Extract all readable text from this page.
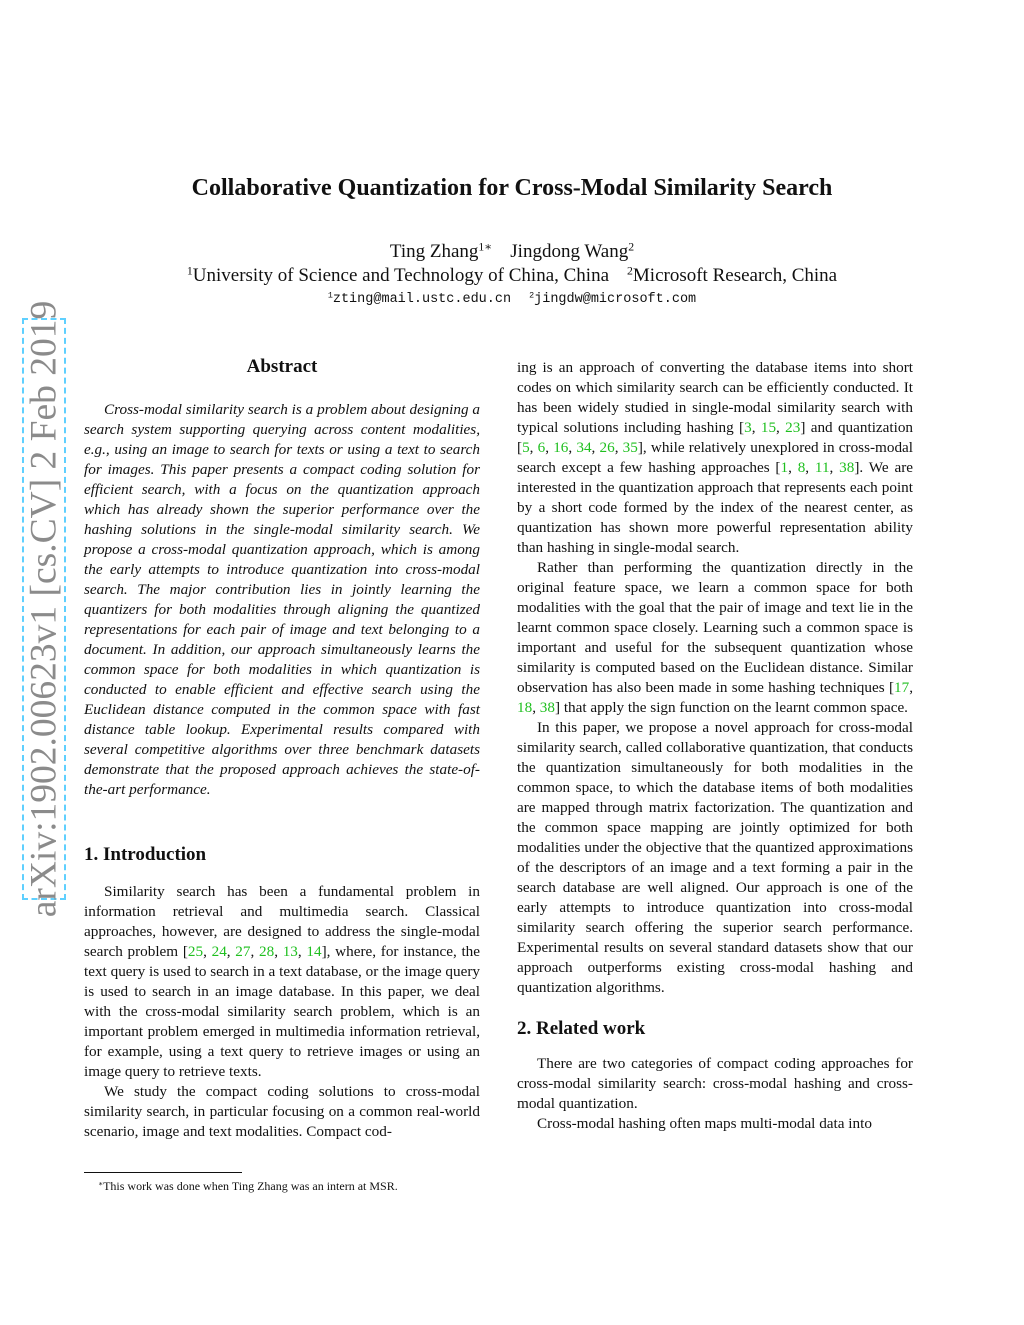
arXiv:1902.00623v1 [cs.CV] 2 Feb 2019
Collaborative Quantization for Cross-Modal Similarity Search
Ting Zhang$^{1∗}$ Jingdong Wang$^2$
$^1$University of Science and Technology of China, China $^2$Microsoft Research, China
$^1$zting@mail.ustc.edu.cn $^2$jingdw@microsoft.com
Abstract

Cross-modal similarity search is a problem about designing a search system supporting querying across content modalities, e.g., using an image to search for texts or using a text to search for images. This paper presents a compact coding solution for efficient search, with a focus on the quantization approach which has already shown the superior performance over the hashing solutions in the single-modal similarity search. We propose a cross-modal quantization approach, which is among the early attempts to introduce quantization into cross-modal search. The major contribution lies in jointly learning the quantizers for both modalities through aligning the quantized representations for each pair of image and text belonging to a document. In addition, our approach simultaneously learns the common space for both modalities in which quantization is conducted to enable efficient and effective search using the Euclidean distance computed in the common space with fast distance table lookup. Experimental results compared with several competitive algorithms over three benchmark datasets demonstrate that the proposed approach achieves the state-of-the-art performance.

1. Introduction

Similarity search has been a fundamental problem in information retrieval and multimedia search. Classical approaches, however, are designed to address the single-modal search problem [25, 24, 27, 28, 13, 14], where, for instance, the text query is used to search in a text database, or the image query is used to search in an image database. In this paper, we deal with the cross-modal similarity search problem, which is an important problem emerged in multimedia information retrieval, for example, using a text query to retrieve images or using an image query to retrieve texts.

We study the compact coding solutions to cross-modal similarity search, in particular focusing on a common real-world scenario, image and text modalities. Compact cod-

ing is an approach of converting the database items into short codes on which similarity search can be efficiently conducted. It has been widely studied in single-modal similarity search with typical solutions including hashing [3, 15, 23] and quantization [5, 6, 16, 34, 26, 35], while relatively unexplored in cross-modal search except a few hashing approaches [1, 8, 11, 38]. We are interested in the quantization approach that represents each point by a short code formed by the index of the nearest center, as quantization has shown more powerful representation ability than hashing in single-modal search.

Rather than performing the quantization directly in the original feature space, we learn a common space for both modalities with the goal that the pair of image and text lie in the learnt common space closely. Learning such a common space is important and useful for the subsequent quantization whose similarity is computed based on the Euclidean distance. Similar observation has also been made in some hashing techniques [17, 18, 38] that apply the sign function on the learnt common space.

In this paper, we propose a novel approach for cross-modal similarity search, called collaborative quantization, that conducts the quantization simultaneously for both modalities in the common space, to which the database items of both modalities are mapped through matrix factorization. The quantization and the common space mapping are jointly optimized for both modalities under the objective that the quantized approximations of the descriptors of an image and a text forming a pair in the search database are well aligned. Our approach is one of the early attempts to introduce quantization into cross-modal similarity search offering the superior search performance. Experimental results on several standard datasets show that our approach outperforms existing cross-modal hashing and quantization algorithms.

2. Related work

There are two categories of compact coding approaches for cross-modal similarity search: cross-modal hashing and cross-modal quantization.

Cross-modal hashing often maps multi-modal data into

∗This work was done when Ting Zhang was an intern at MSR.
